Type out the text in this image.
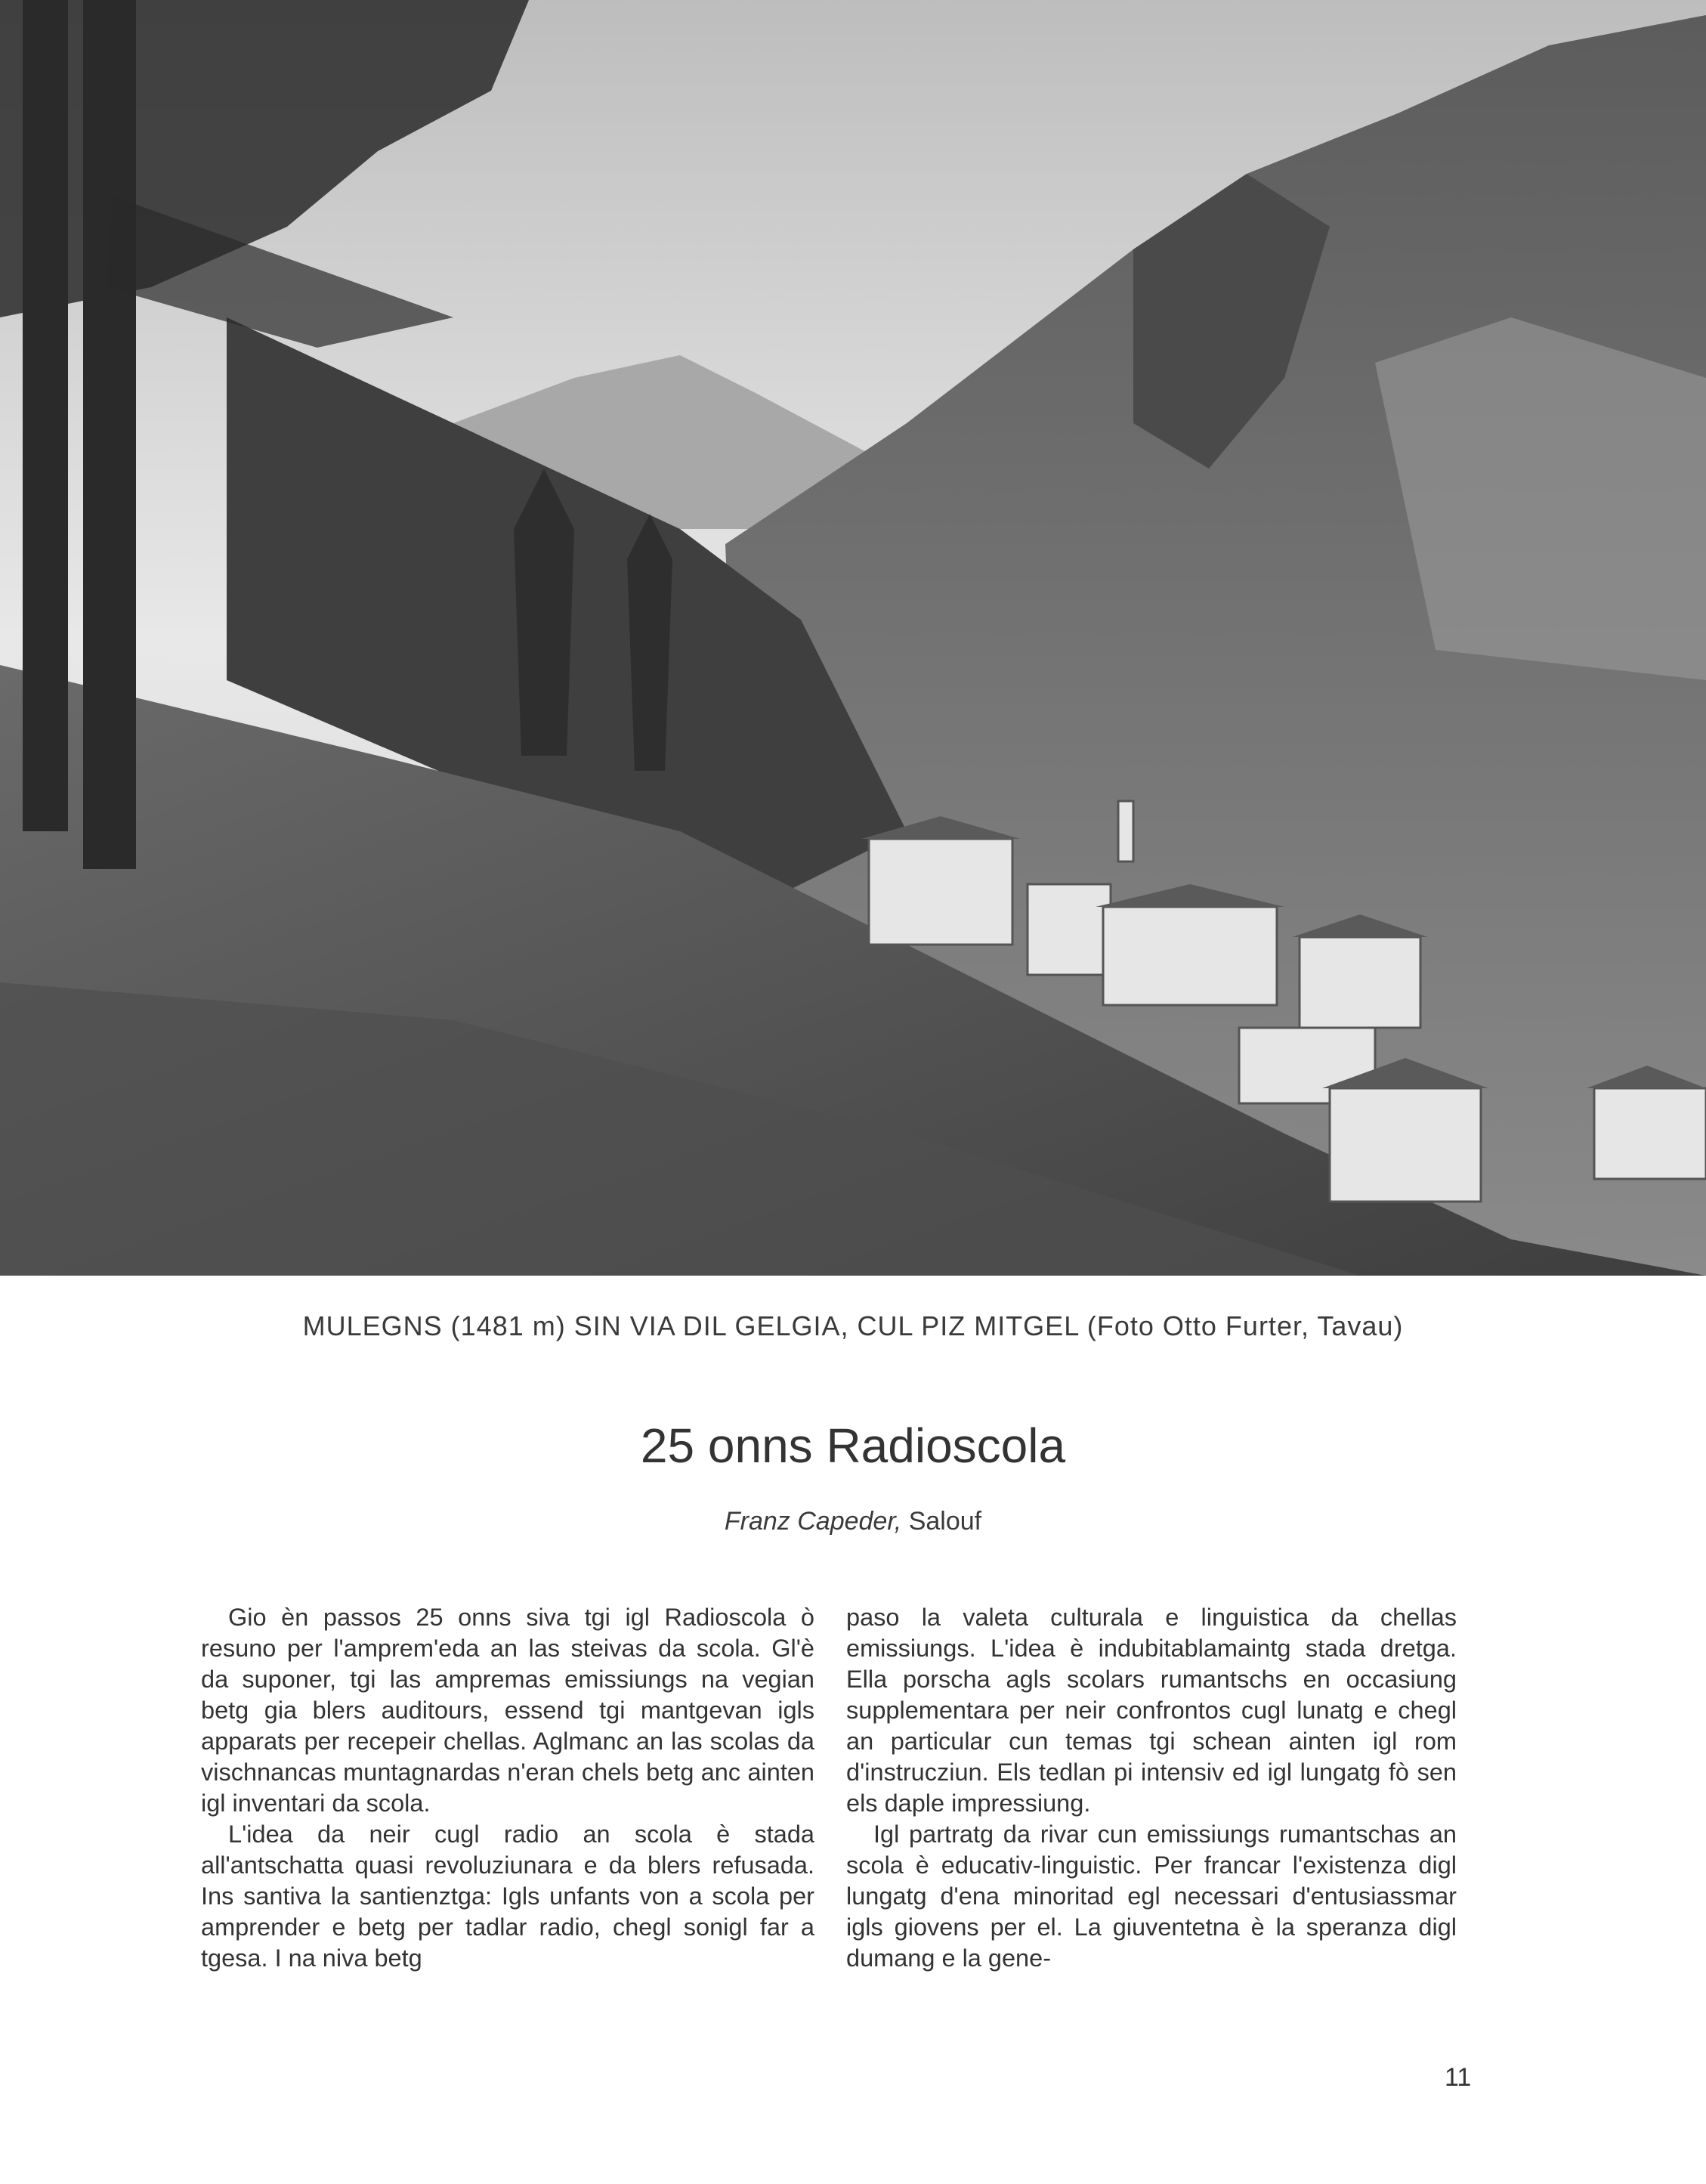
MULEGNS (1481 m) SIN VIA DIL GELGIA, CUL PIZ MITGEL (Foto Otto Furter, Tavau)
25 onns Radioscola
Franz Capeder, Salouf

Gio èn passos 25 onns siva tgi igl Radioscola ò resuno per l'amprem'eda an las steivas da scola. Gl'è da suponer, tgi las ampremas emissiungs na vegian betg gia blers auditours, essend tgi mantgevan igls apparats per recepeir chellas. Aglmanc an las scolas da vischnancas muntagnardas n'eran chels betg anc ainten igl inventari da scola.

L'idea da neir cugl radio an scola è stada all'antschatta quasi revoluziunara e da blers refusada. Ins santiva la santienztga: Igls unfants von a scola per amprender e betg per tadlar radio, chegl sonigl far a tgesa. I na niva betg

paso la valeta culturala e linguistica da chellas emissiungs. L'idea è indubitablamaintg stada dretga. Ella porscha agls scolars rumantschs en occasiung supplementara per neir confrontos cugl lunatg e chegl an particular cun temas tgi schean ainten igl rom d'instrucziun. Els tedlan pi intensiv ed igl lungatg fò sen els daple impressiung.

Igl partratg da rivar cun emissiungs rumantschas an scola è educativ-linguistic. Per francar l'existenza digl lungatg d'ena minoritad egl necessari d'entusiassmar igls giovens per el. La giuventetna è la speranza digl dumang e la gene-

11
